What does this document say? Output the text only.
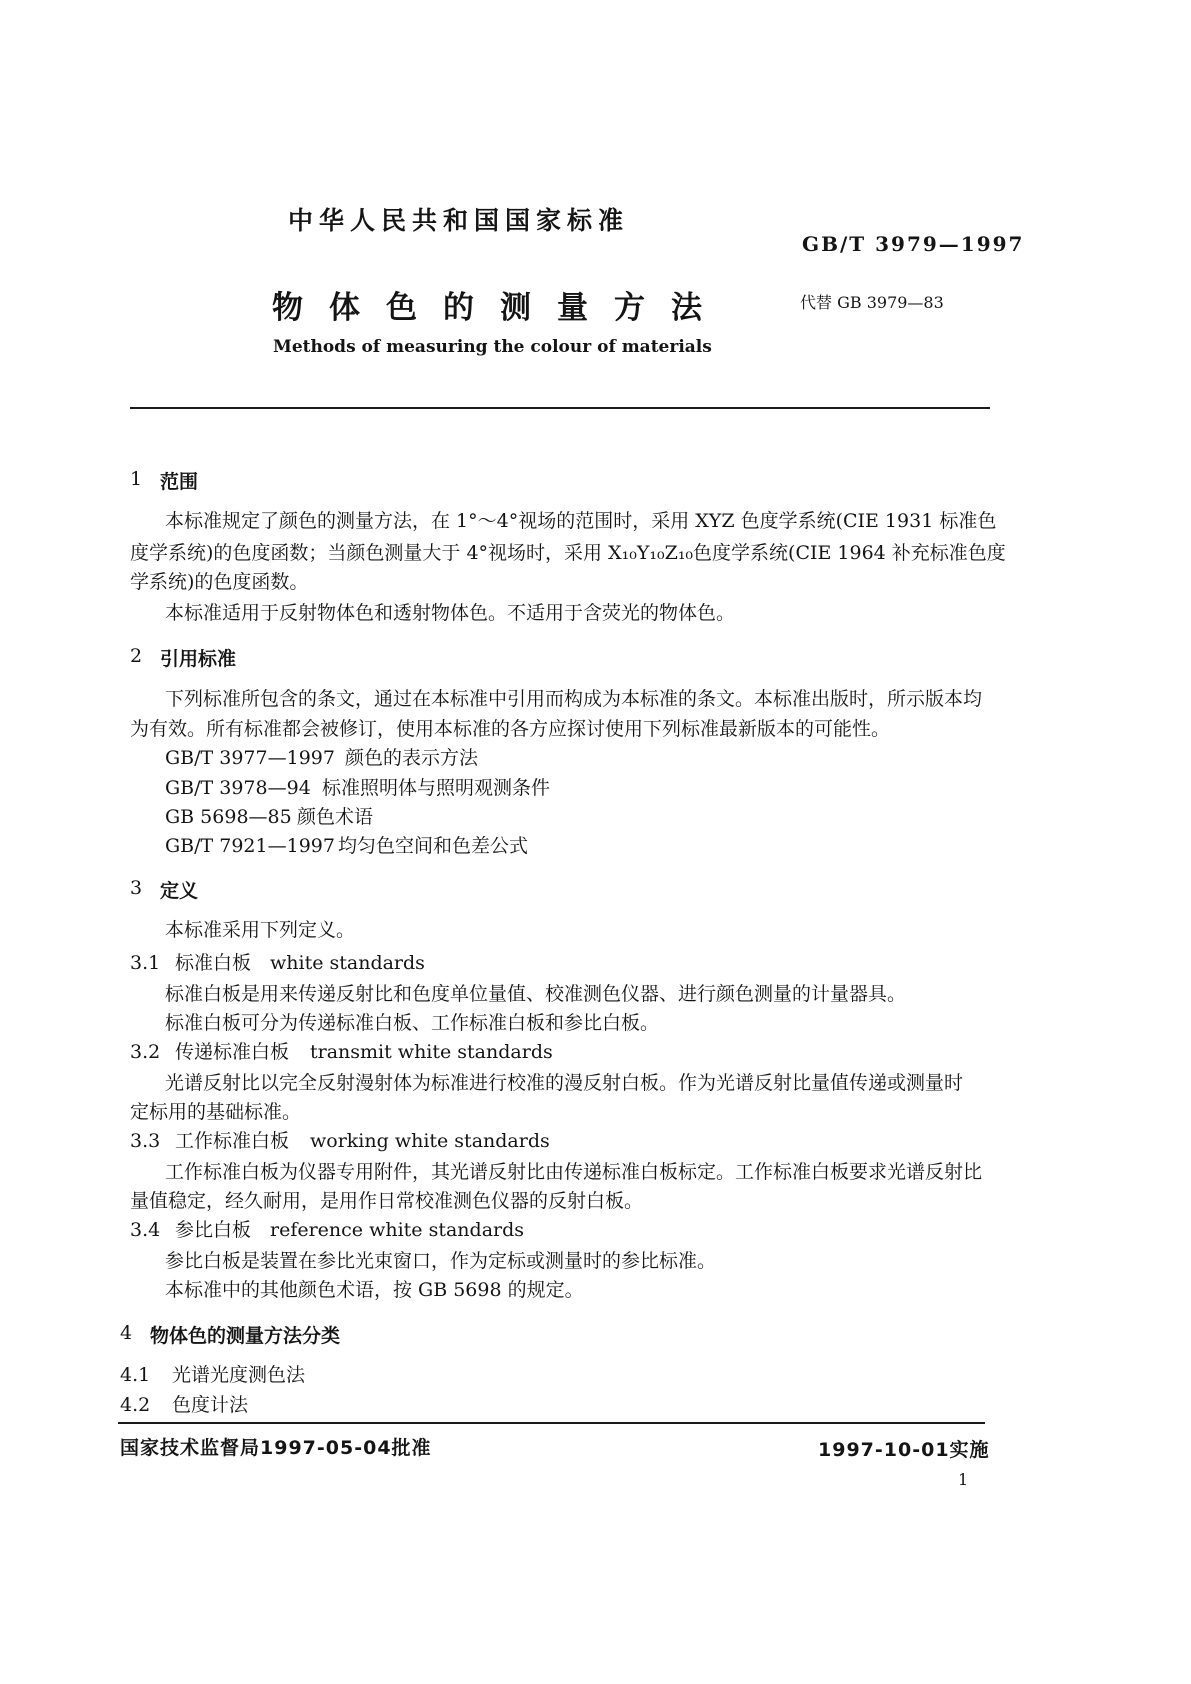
中华人民共和国国家标准
GB/T 3979—1997
物体色的测量方法	代替 GB 3979—83
Methods of measuring the colour of materials
1 范围
本标准规定了颜色的测量方法，在 1°～4°视场的范围时，采用 XYZ 色度学系统(CIE 1931 标准色
度学系统)的色度函数；当颜色测量大于 4°视场时，采用 X₁₀Y₁₀Z₁₀色度学系统(CIE 1964 补充标准色度
学系统)的色度函数。
本标准适用于反射物体色和透射物体色。不适用于含荧光的物体色。
2 引用标准
下列标准所包含的条文，通过在本标准中引用而构成为本标准的条文。本标准出版时，所示版本均
为有效。所有标准都会被修订，使用本标准的各方应探讨使用下列标准最新版本的可能性。
GB/T 3977—1997 颜色的表示方法
GB/T 3978—94 标准照明体与照明观测条件
GB 5698—85 颜色术语
GB/T 7921—1997 均匀色空间和色差公式
3 定义
本标准采用下列定义。
3.1 标准白板 white standards
标准白板是用来传递反射比和色度单位量值、校准测色仪器、进行颜色测量的计量器具。
标准白板可分为传递标准白板、工作标准白板和参比白板。
3.2 传递标准白板 transmit white standards
光谱反射比以完全反射漫射体为标准进行校准的漫反射白板。作为光谱反射比量值传递或测量时
定标用的基础标准。
3.3 工作标准白板 working white standards
工作标准白板为仪器专用附件，其光谱反射比由传递标准白板标定。工作标准白板要求光谱反射比
量值稳定，经久耐用，是用作日常校准测色仪器的反射白板。
3.4 参比白板 reference white standards
参比白板是装置在参比光束窗口，作为定标或测量时的参比标准。
本标准中的其他颜色术语，按 GB 5698 的规定。
4 物体色的测量方法分类
4.1 光谱光度测色法
4.2 色度计法
国家技术监督局1997-05-04批准	1997-10-01实施
1
